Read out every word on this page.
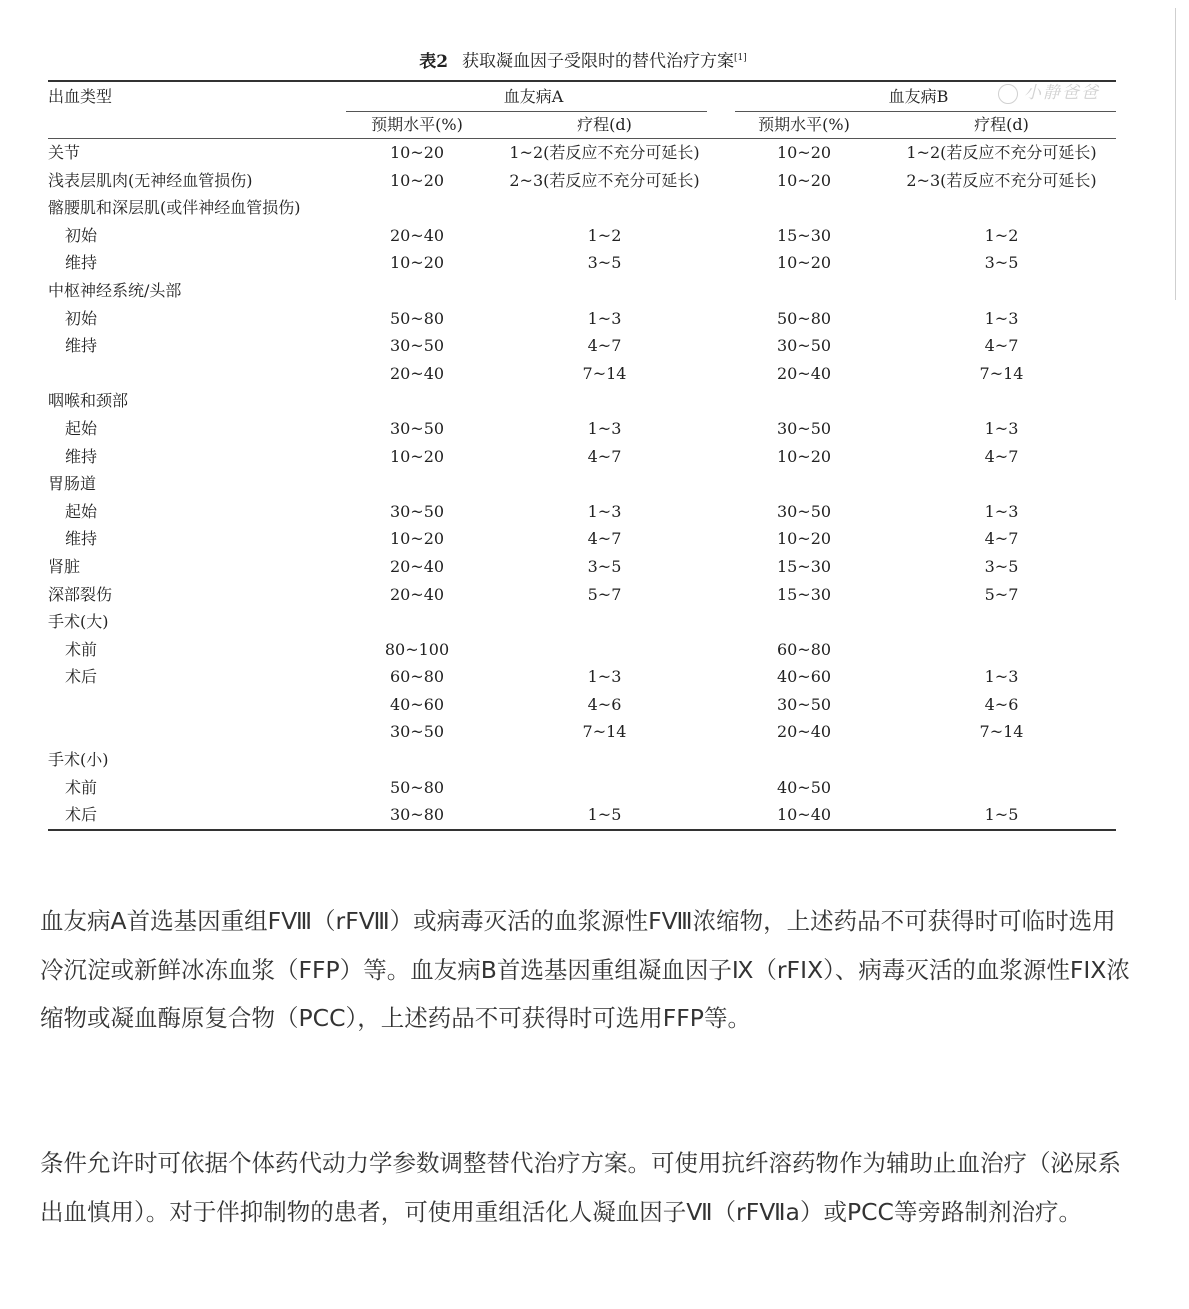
表2 获取凝血因子受限时的替代治疗方案[1]
小静爸爸
出血类型	血友病A		血友病B	

	预期水平(%)	疗程(d)	预期水平(%)	疗程(d)
关节	10~20	1~2(若反应不充分可延长)	10~20	1~2(若反应不充分可延长)
浅表层肌肉(无神经血管损伤)	10~20	2~3(若反应不充分可延长)	10~20	2~3(若反应不充分可延长)
髂腰肌和深层肌(或伴神经血管损伤)				
初始	20~40	1~2	15~30	1~2
维持	10~20	3~5	10~20	3~5
中枢神经系统/头部				
初始	50~80	1~3	50~80	1~3
维持	30~50	4~7	30~50	4~7
	20~40	7~14	20~40	7~14
咽喉和颈部				
起始	30~50	1~3	30~50	1~3
维持	10~20	4~7	10~20	4~7
胃肠道				
起始	30~50	1~3	30~50	1~3
维持	10~20	4~7	10~20	4~7
肾脏	20~40	3~5	15~30	3~5
深部裂伤	20~40	5~7	15~30	5~7
手术(大)				
术前	80~100		60~80	
术后	60~80	1~3	40~60	1~3
	40~60	4~6	30~50	4~6
	30~50	7~14	20~40	7~14
手术(小)				
术前	50~80		40~50	
术后	30~80	1~5	10~40	1~5

血友病A首选基因重组FⅧ（rFⅧ）或病毒灭活的血浆源性FⅧ浓缩物，上述药品不可获得时可临时选用冷沉淀或新鲜冰冻血浆（FFP）等。血友病B首选基因重组凝血因子Ⅸ（rFIX）、病毒灭活的血浆源性FIX浓缩物或凝血酶原复合物（PCC），上述药品不可获得时可选用FFP等。

条件允许时可依据个体药代动力学参数调整替代治疗方案。可使用抗纤溶药物作为辅助止血治疗（泌尿系出血慎用）。对于伴抑制物的患者，可使用重组活化人凝血因子Ⅶ（rFⅦa）或PCC等旁路制剂治疗。
